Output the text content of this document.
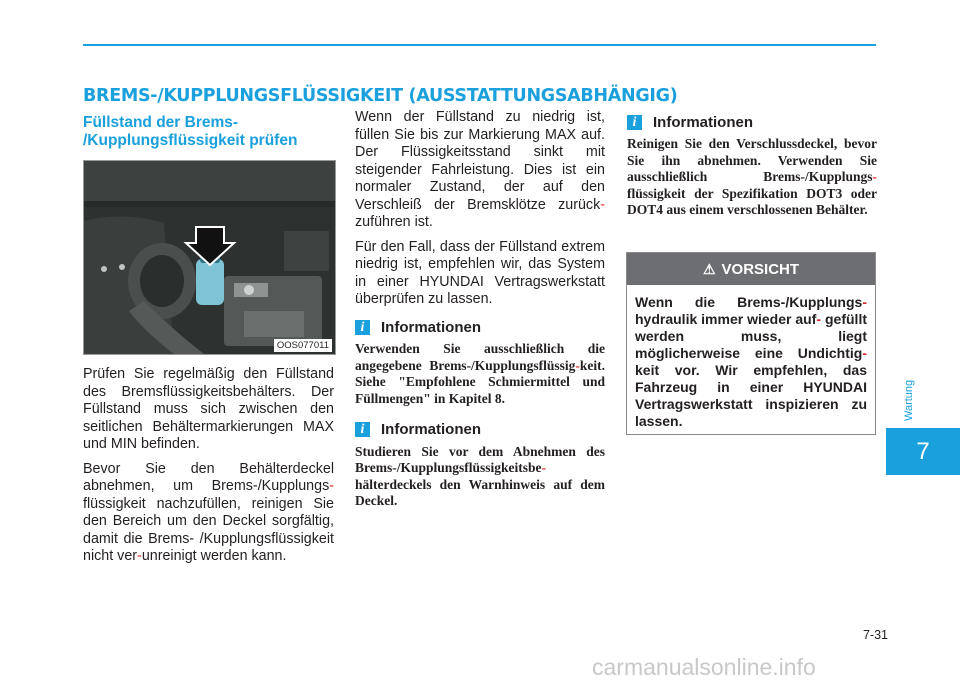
BREMS-/KUPPLUNGSFLÜSSIGKEIT (AUSSTATTUNGSABHÄNGIG)
Füllstand der Brems- /Kupplungsflüssigkeit prüfen
OOS077011

Prüfen Sie regelmäßig den Füllstand des Bremsflüssigkeitsbehälters. Der Füllstand muss sich zwischen den seitlichen Behältermarkierungen MAX und MIN befinden.

Bevor Sie den Behälterdeckel abnehmen, um Brems-/Kupplungs-flüssigkeit nachzufüllen, reinigen Sie den Bereich um den Deckel sorgfältig, damit die Brems- /Kupplungsflüssigkeit nicht ver-unreinigt werden kann.

Wenn der Füllstand zu niedrig ist, füllen Sie bis zur Markierung MAX auf. Der Flüssigkeitsstand sinkt mit steigender Fahrleistung. Dies ist ein normaler Zustand, der auf den Verschleiß der Bremsklötze zurück-zuführen ist.

Für den Fall, dass der Füllstand extrem niedrig ist, empfehlen wir, das System in einer HYUNDAI Vertragswerkstatt überprüfen zu lassen.

i	Informationen

Verwenden Sie ausschließlich die angegebene Brems-/Kupplungsflüssig-keit. Siehe "Empfohlene Schmiermittel und Füllmengen" in Kapitel 8.

i	Informationen

Studieren Sie vor dem Abnehmen des Brems-/Kupplungsflüssigkeitsbe-hälterdeckels den Warnhinweis auf dem Deckel.

i	Informationen

Reinigen Sie den Verschlussdeckel, bevor Sie ihn abnehmen. Verwenden Sie ausschließlich Brems-/Kupplungs-flüssigkeit der Spezifikation DOT3 oder DOT4 aus einem verschlossenen Behälter.

⚠ VORSICHT
Wenn die Brems-/Kupplungs- hydraulik immer wieder auf- gefüllt werden muss, liegt möglicherweise eine Undichtig- keit vor. Wir empfehlen, das Fahrzeug in einer HYUNDAI Vertragswerkstatt inspizieren zu lassen.
Wartung
7
7-31
carmanualsonline.info
